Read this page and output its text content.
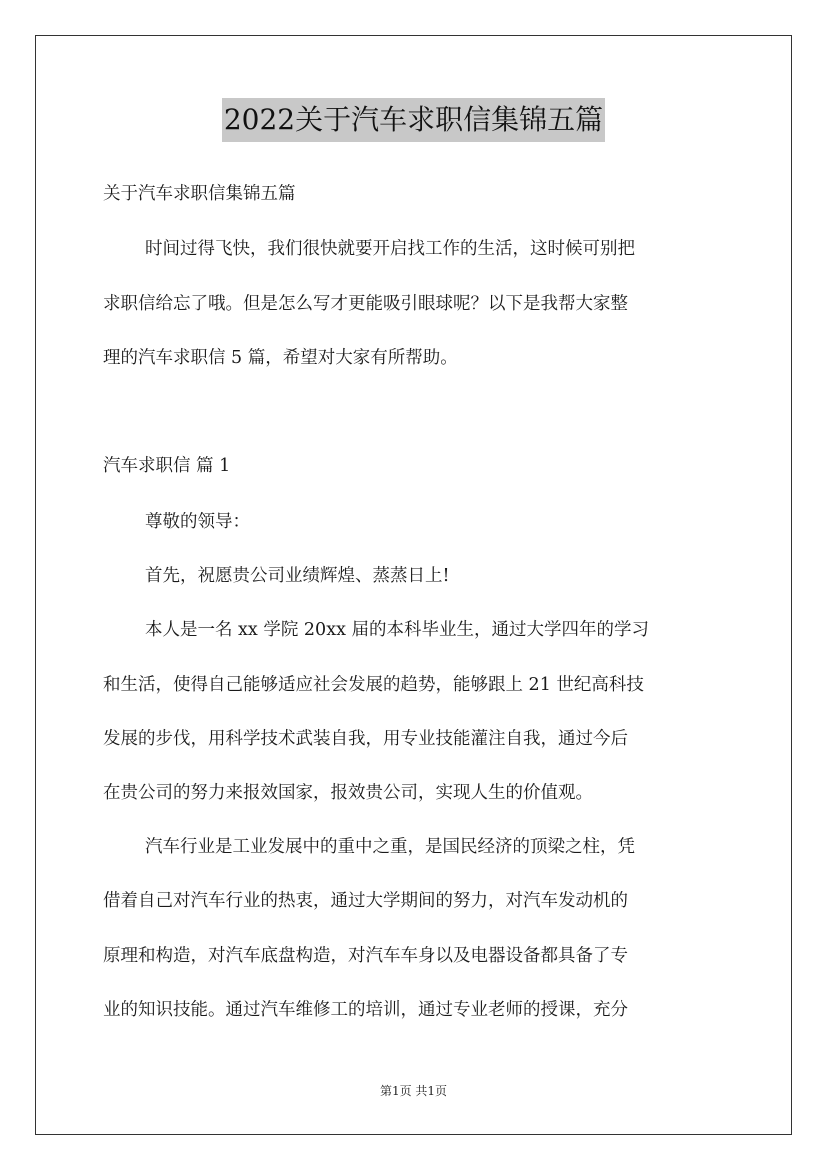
2022关于汽车求职信集锦五篇
关于汽车求职信集锦五篇
时间过得飞快，我们很快就要开启找工作的生活，这时候可别把
求职信给忘了哦。但是怎么写才更能吸引眼球呢？以下是我帮大家整
理的汽车求职信 5 篇，希望对大家有所帮助。
汽车求职信 篇 1
尊敬的领导：
首先，祝愿贵公司业绩辉煌、蒸蒸日上!
本人是一名 xx 学院 20xx 届的本科毕业生，通过大学四年的学习
和生活，使得自己能够适应社会发展的趋势，能够跟上 21 世纪高科技
发展的步伐，用科学技术武装自我，用专业技能灌注自我，通过今后
在贵公司的努力来报效国家，报效贵公司，实现人生的价值观。
汽车行业是工业发展中的重中之重，是国民经济的顶梁之柱，凭
借着自己对汽车行业的热衷，通过大学期间的努力，对汽车发动机的
原理和构造，对汽车底盘构造，对汽车车身以及电器设备都具备了专
业的知识技能。通过汽车维修工的培训，通过专业老师的授课，充分
第1页 共1页
